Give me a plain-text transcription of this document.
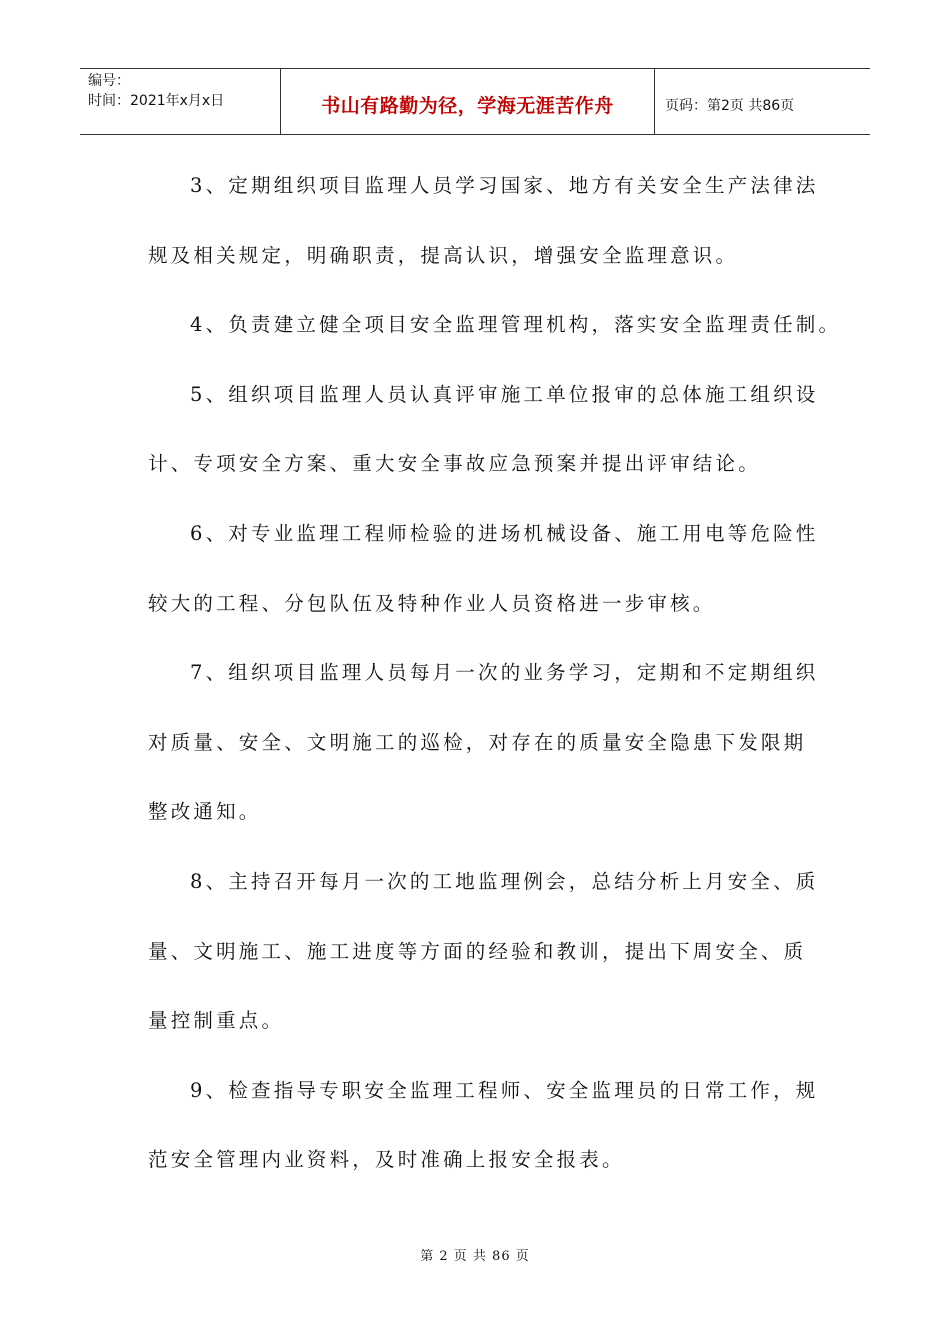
编号：
时间：2021年x月x日	书山有路勤为径，学海无涯苦作舟	页码：第2页 共86页
3、定期组织项目监理人员学习国家、地方有关安全生产法律法
规及相关规定，明确职责，提高认识，增强安全监理意识。
4、负责建立健全项目安全监理管理机构，落实安全监理责任制。
5、组织项目监理人员认真评审施工单位报审的总体施工组织设
计、专项安全方案、重大安全事故应急预案并提出评审结论。
6、对专业监理工程师检验的进场机械设备、施工用电等危险性
较大的工程、分包队伍及特种作业人员资格进一步审核。
7、组织项目监理人员每月一次的业务学习，定期和不定期组织
对质量、安全、文明施工的巡检，对存在的质量安全隐患下发限期
整改通知。
8、主持召开每月一次的工地监理例会，总结分析上月安全、质
量、文明施工、施工进度等方面的经验和教训，提出下周安全、质
量控制重点。
9、检查指导专职安全监理工程师、安全监理员的日常工作，规
范安全管理内业资料，及时准确上报安全报表。
第 2 页 共 86 页
